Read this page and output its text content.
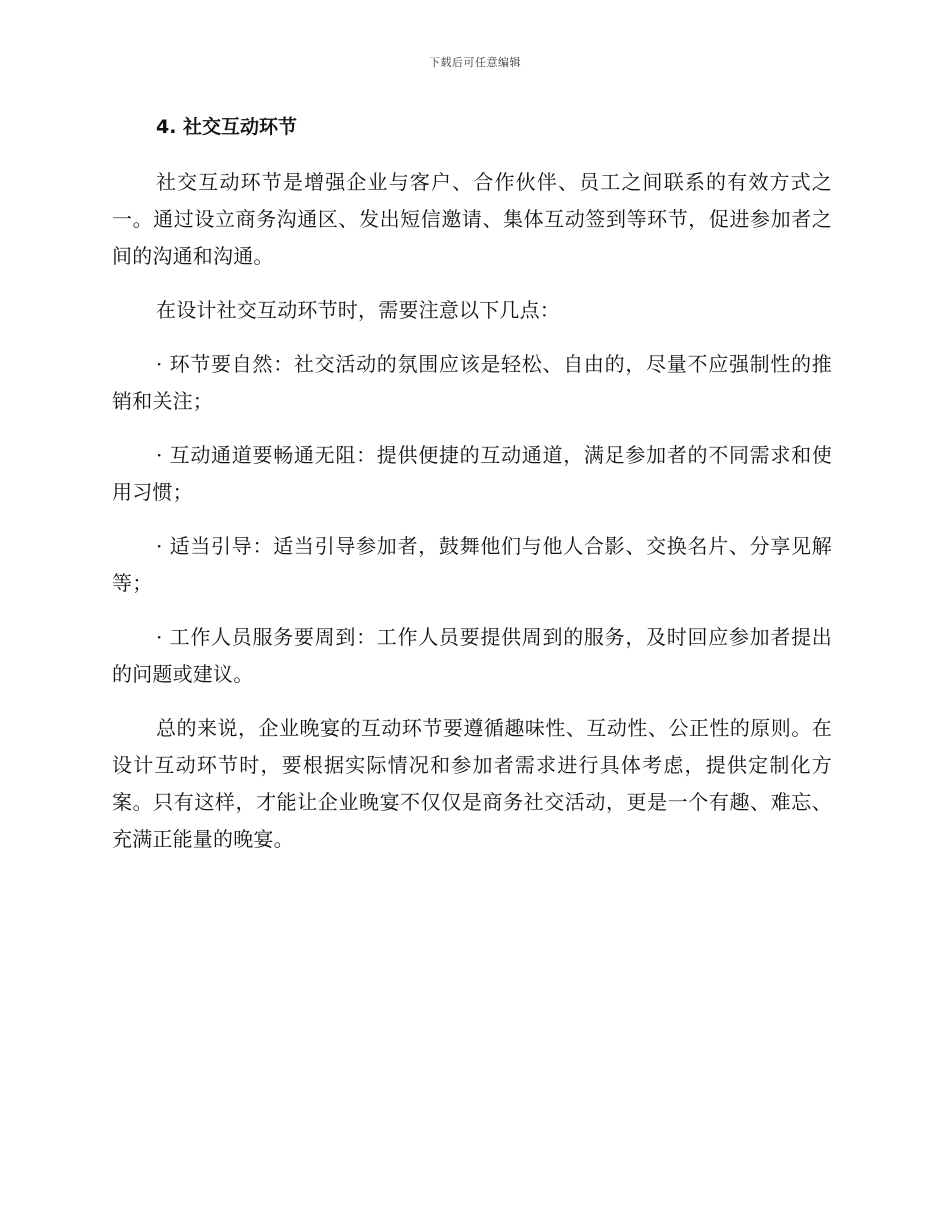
下载后可任意编辑
4. 社交互动环节

社交互动环节是增强企业与客户、合作伙伴、员工之间联系的有效方式之一。通过设立商务沟通区、发出短信邀请、集体互动签到等环节，促进参加者之间的沟通和沟通。

在设计社交互动环节时，需要注意以下几点：

· 环节要自然：社交活动的氛围应该是轻松、自由的，尽量不应强制性的推销和关注；

· 互动通道要畅通无阻：提供便捷的互动通道，满足参加者的不同需求和使用习惯；

· 适当引导：适当引导参加者，鼓舞他们与他人合影、交换名片、分享见解等；

· 工作人员服务要周到：工作人员要提供周到的服务，及时回应参加者提出的问题或建议。

总的来说，企业晚宴的互动环节要遵循趣味性、互动性、公正性的原则。在设计互动环节时，要根据实际情况和参加者需求进行具体考虑，提供定制化方案。只有这样，才能让企业晚宴不仅仅是商务社交活动，更是一个有趣、难忘、充满正能量的晚宴。
